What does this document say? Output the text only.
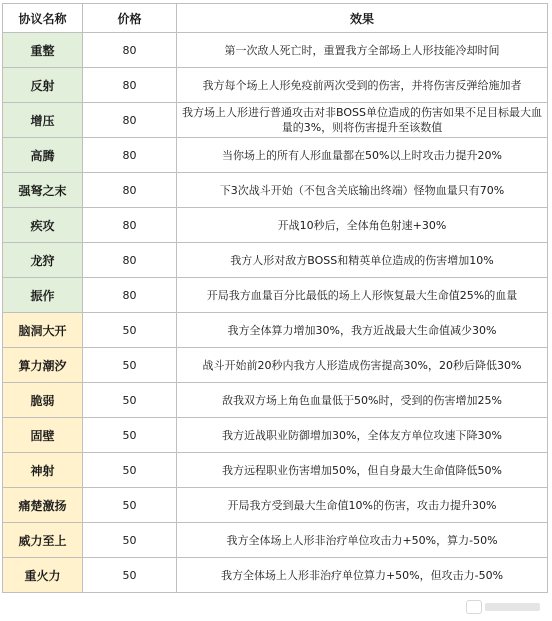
协议名称	价格	效果
重整	80	第一次敌人死亡时，重置我方全部场上人形技能冷却时间
反射	80	我方每个场上人形免疫前两次受到的伤害，并将伤害反弹给施加者
增压	80	我方场上人形进行普通攻击对非BOSS单位造成的伤害如果不足目标最大血量的3%，则将伤害提升至该数值
高腾	80	当你场上的所有人形血量都在50%以上时攻击力提升20%
强弩之末	80	下3次战斗开始（不包含关底输出终端）怪物血量只有70%
疾攻	80	开战10秒后，全体角色射速+30%
龙狩	80	我方人形对敌方BOSS和精英单位造成的伤害增加10%
振作	80	开局我方血量百分比最低的场上人形恢复最大生命值25%的血量
脑洞大开	50	我方全体算力增加30%，我方近战最大生命值减少30%
算力潮汐	50	战斗开始前20秒内我方人形造成伤害提高30%，20秒后降低30%
脆弱	50	敌我双方场上角色血量低于50%时，受到的伤害增加25%
固壁	50	我方近战职业防御增加30%，全体友方单位攻速下降30%
神射	50	我方远程职业伤害增加50%，但自身最大生命值降低50%
痛楚激扬	50	开局我方受到最大生命值10%的伤害，攻击力提升30%
威力至上	50	我方全体场上人形非治疗单位攻击力+50%，算力-50%
重火力	50	我方全体场上人形非治疗单位算力+50%，但攻击力-50%
